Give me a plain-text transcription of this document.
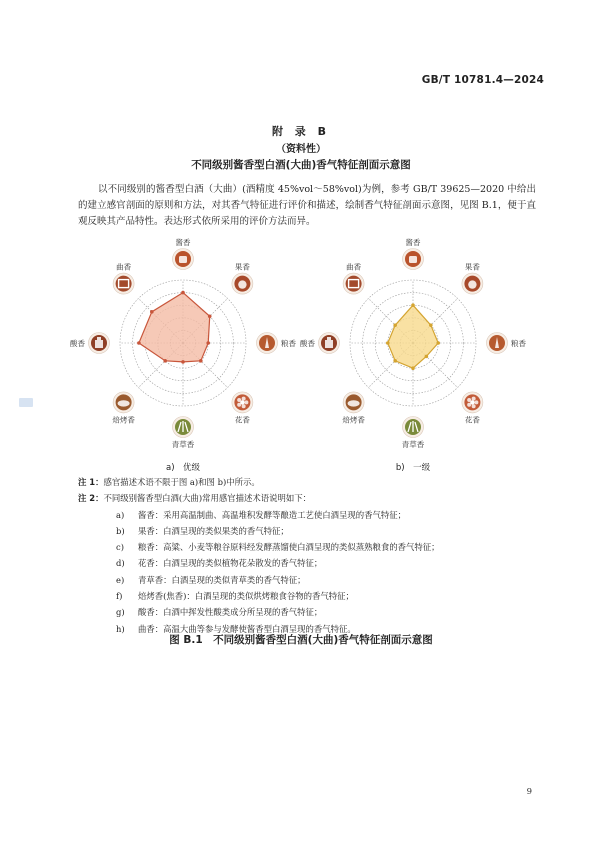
GB/T 10781.4—2024
附 录 B
（资料性）
不同级别酱香型白酒(大曲)香气特征剖面示意图

以不同级别的酱香型白酒（大曲）(酒精度 45%vol～58%vol)为例，参考 GB/T 39625—2020 中给出的建立感官剖面的原则和方法，对其香气特征进行评价和描述，绘制香气特征剖面示意图，见图 B.1，便于直观反映其产品特性。表达形式依所采用的评价方法而异。

酱香
果香
粮香
花香
青草香
焙烤香
酸香
曲香
a) 优级
酱香
果香
粮香
花香
青草香
焙烤香
酸香
曲香
b) 一级
注 1：感官描述术语不限于图 a)和图 b)中所示。
注 2：不同级别酱香型白酒(大曲)常用感官描述术语说明如下：
a) 酱香：采用高温制曲、高温堆积发酵等酿造工艺使白酒呈现的香气特征；
b) 果香：白酒呈现的类似果类的香气特征；
c) 粮香：高粱、小麦等粮谷原料经发酵蒸馏使白酒呈现的类似蒸熟粮食的香气特征；
d) 花香：白酒呈现的类似植物花朵散发的香气特征；
e) 青草香：白酒呈现的类似青草类的香气特征；
f) 焙烤香(焦香)：白酒呈现的类似烘烤粮食谷物的香气特征；
g) 酸香：白酒中挥发性酸类成分所呈现的香气特征；
h) 曲香：高温大曲等参与发酵使酱香型白酒呈现的香气特征。
图 B.1 不同级别酱香型白酒(大曲)香气特征剖面示意图
9
